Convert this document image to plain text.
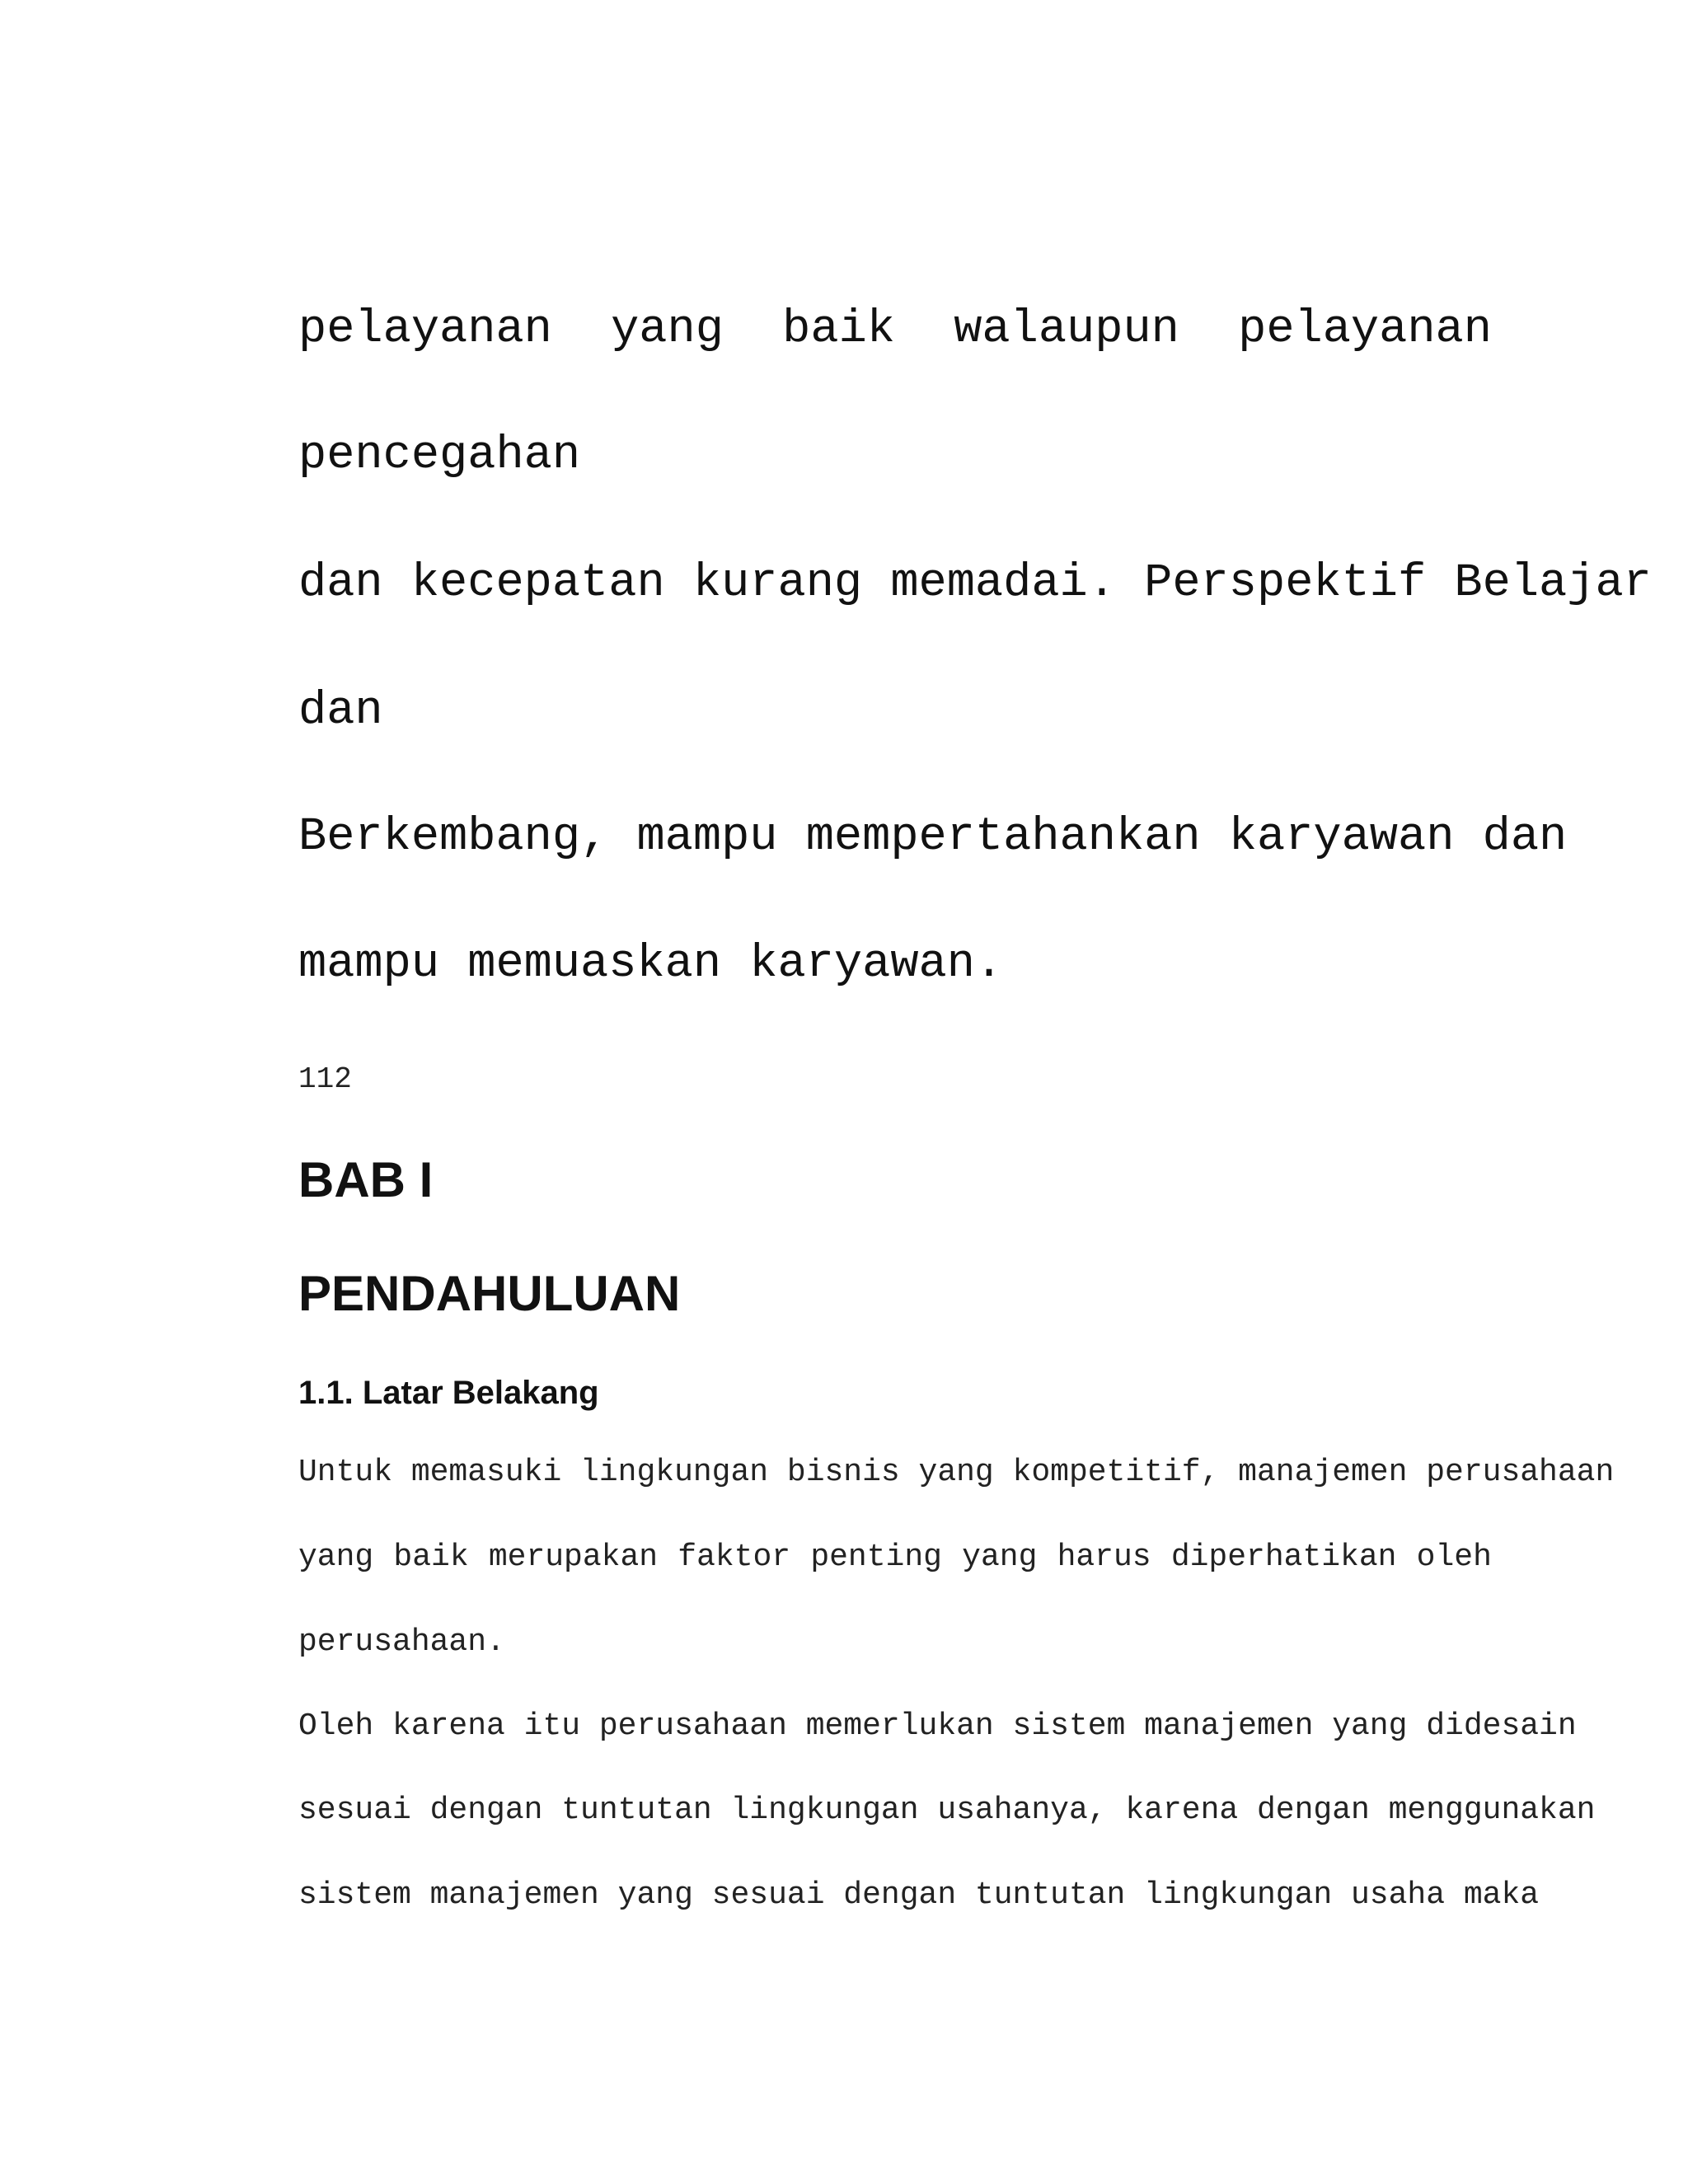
pelayanan yang baik walaupun pelayanan

pencegahan

dan kecepatan kurang memadai. Perspektif Belajar

dan

Berkembang, mampu mempertahankan karyawan dan

mampu memuaskan karyawan.

112

BAB I

PENDAHULUAN

1.1. Latar Belakang

Untuk memasuki lingkungan bisnis yang kompetitif, manajemen perusahaan

yang baik merupakan faktor penting yang harus diperhatikan oleh

perusahaan.

Oleh karena itu perusahaan memerlukan sistem manajemen yang didesain

sesuai dengan tuntutan lingkungan usahanya, karena dengan menggunakan

sistem manajemen yang sesuai dengan tuntutan lingkungan usaha maka
